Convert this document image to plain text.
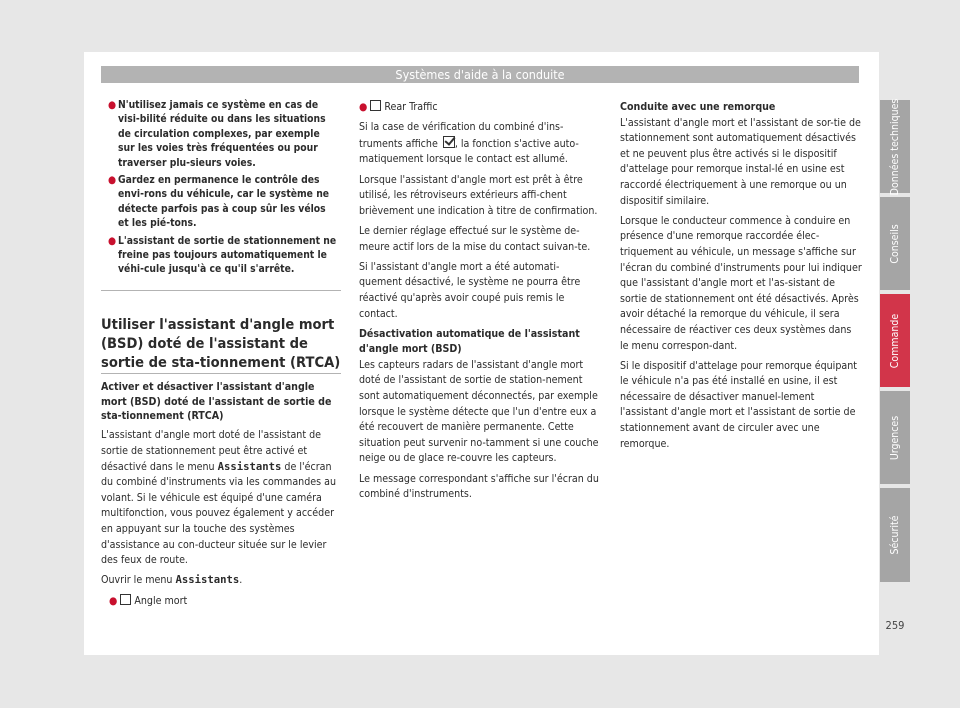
Systèmes d'aide à la conduite
● N'utilisez jamais ce système en cas de visi-bilité réduite ou dans les situations de circulation complexes, par exemple sur les voies très fréquentées ou pour traverser plu-sieurs voies.
● Gardez en permanence le contrôle des envi-rons du véhicule, car le système ne détecte parfois pas à coup sûr les vélos et les pié-tons.
● L'assistant de sortie de stationnement ne freine pas toujours automatiquement le véhi-cule jusqu'à ce qu'il s'arrête.
Utiliser l'assistant d'angle mort (BSD) doté de l'assistant de sortie de sta-tionnement (RTCA)

Activer et désactiver l'assistant d'angle mort (BSD) doté de l'assistant de sortie de sta-tionnement (RTCA)

L'assistant d'angle mort doté de l'assistant de sortie de stationnement peut être activé et désactivé dans le menu Assistants de l'écran du combiné d'instruments via les commandes au volant. Si le véhicule est équipé d'une caméra multifonction, vous pouvez également y accéder en appuyant sur la touche des systèmes d'assistance au con-ducteur située sur le levier des feux de route.

Ouvrir le menu Assistants.

● Angle mort

● Rear Traffic

Si la case de vérification du combiné d'ins-truments affiche , la fonction s'active auto-matiquement lorsque le contact est allumé.

Lorsque l'assistant d'angle mort est prêt à être utilisé, les rétroviseurs extérieurs affi-chent brièvement une indication à titre de confirmation.

Le dernier réglage effectué sur le système de-meure actif lors de la mise du contact suivan-te.

Si l'assistant d'angle mort a été automati-quement désactivé, le système ne pourra être réactivé qu'après avoir coupé puis remis le contact.

Désactivation automatique de l'assistant d'angle mort (BSD)

Les capteurs radars de l'assistant d'angle mort doté de l'assistant de sortie de station-nement sont automatiquement déconnectés, par exemple lorsque le système détecte que l'un d'entre eux a été recouvert de manière permanente. Cette situation peut survenir no-tamment si une couche neige ou de glace re-couvre les capteurs.

Le message correspondant s'affiche sur l'écran du combiné d'instruments.

Conduite avec une remorque

L'assistant d'angle mort et l'assistant de sor-tie de stationnement sont automatiquement désactivés et ne peuvent plus être activés si le dispositif d'attelage pour remorque instal-lé en usine est raccordé électriquement à une remorque ou un dispositif similaire.

Lorsque le conducteur commence à conduire en présence d'une remorque raccordée élec-triquement au véhicule, un message s'affiche sur l'écran du combiné d'instruments pour lui indiquer que l'assistant d'angle mort et l'as-sistant de sortie de stationnement ont été désactivés. Après avoir détaché la remorque du véhicule, il sera nécessaire de réactiver ces deux systèmes dans le menu correspon-dant.

Si le dispositif d'attelage pour remorque équipant le véhicule n'a pas été installé en usine, il est nécessaire de désactiver manuel-lement l'assistant d'angle mort et l'assistant de sortie de stationnement avant de circuler avec une remorque.

Données techniques
Conseils
Commande
Urgences
Sécurité
259
